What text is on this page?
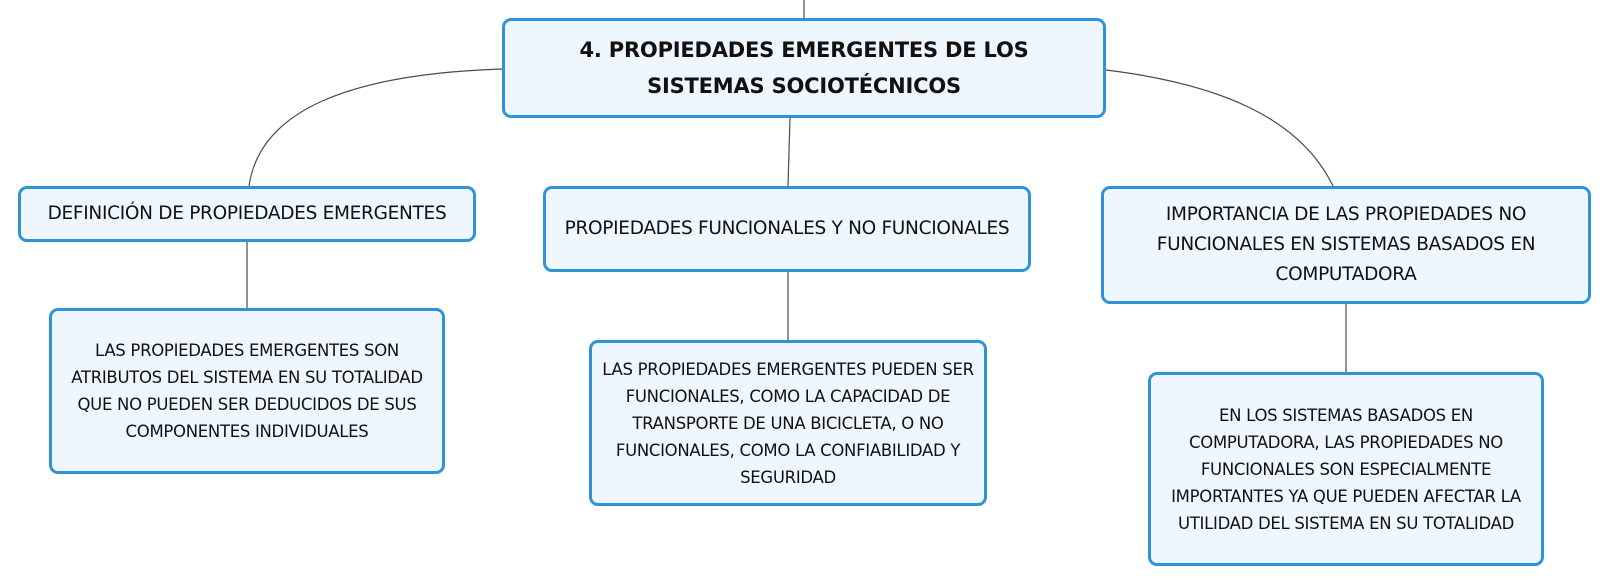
4. PROPIEDADES EMERGENTES DE LOS SISTEMAS SOCIOTÉCNICOS
DEFINICIÓN DE PROPIEDADES EMERGENTES
PROPIEDADES FUNCIONALES Y NO FUNCIONALES
IMPORTANCIA DE LAS PROPIEDADES NO FUNCIONALES EN SISTEMAS BASADOS EN COMPUTADORA
LAS PROPIEDADES EMERGENTES SON ATRIBUTOS DEL SISTEMA EN SU TOTALIDAD QUE NO PUEDEN SER DEDUCIDOS DE SUS COMPONENTES INDIVIDUALES
LAS PROPIEDADES EMERGENTES PUEDEN SER FUNCIONALES, COMO LA CAPACIDAD DE TRANSPORTE DE UNA BICICLETA, O NO FUNCIONALES, COMO LA CONFIABILIDAD Y SEGURIDAD
EN LOS SISTEMAS BASADOS EN COMPUTADORA, LAS PROPIEDADES NO FUNCIONALES SON ESPECIALMENTE IMPORTANTES YA QUE PUEDEN AFECTAR LA UTILIDAD DEL SISTEMA EN SU TOTALIDAD
